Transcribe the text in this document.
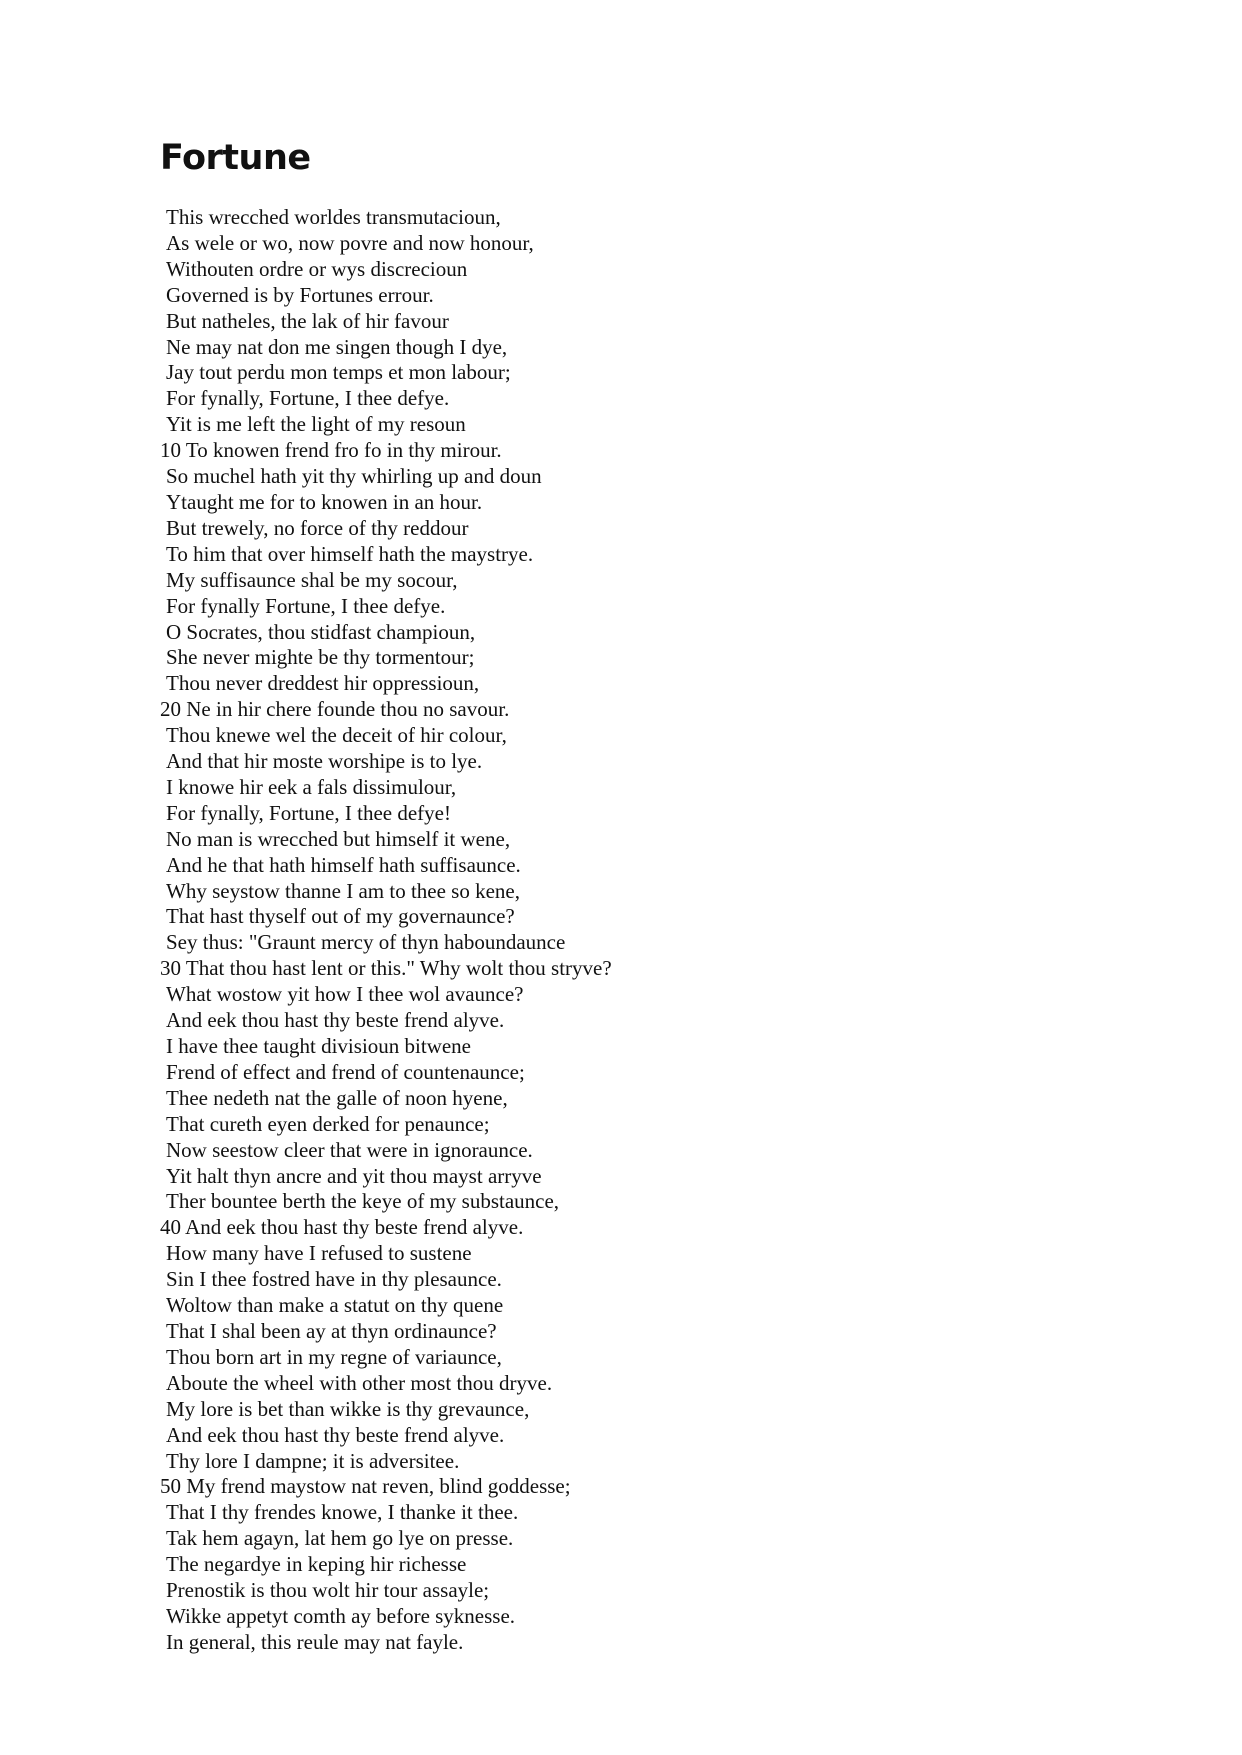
Fortune
This wrecched worldes transmutacioun,
As wele or wo, now povre and now honour,
Withouten ordre or wys discrecioun
Governed is by Fortunes errour.
But natheles, the lak of hir favour
Ne may nat don me singen though I dye,
Jay tout perdu mon temps et mon labour;
For fynally, Fortune, I thee defye.
Yit is me left the light of my resoun
10 To knowen frend fro fo in thy mirour.
So muchel hath yit thy whirling up and doun
Ytaught me for to knowen in an hour.
But trewely, no force of thy reddour
To him that over himself hath the maystrye.
My suffisaunce shal be my socour,
For fynally Fortune, I thee defye.
O Socrates, thou stidfast champioun,
She never mighte be thy tormentour;
Thou never dreddest hir oppressioun,
20 Ne in hir chere founde thou no savour.
Thou knewe wel the deceit of hir colour,
And that hir moste worshipe is to lye.
I knowe hir eek a fals dissimulour,
For fynally, Fortune, I thee defye!
No man is wrecched but himself it wene,
And he that hath himself hath suffisaunce.
Why seystow thanne I am to thee so kene,
That hast thyself out of my governaunce?
Sey thus: "Graunt mercy of thyn haboundaunce
30 That thou hast lent or this." Why wolt thou stryve?
What wostow yit how I thee wol avaunce?
And eek thou hast thy beste frend alyve.
I have thee taught divisioun bitwene
Frend of effect and frend of countenaunce;
Thee nedeth nat the galle of noon hyene,
That cureth eyen derked for penaunce;
Now seestow cleer that were in ignoraunce.
Yit halt thyn ancre and yit thou mayst arryve
Ther bountee berth the keye of my substaunce,
40 And eek thou hast thy beste frend alyve.
How many have I refused to sustene
Sin I thee fostred have in thy plesaunce.
Woltow than make a statut on thy quene
That I shal been ay at thyn ordinaunce?
Thou born art in my regne of variaunce,
Aboute the wheel with other most thou dryve.
My lore is bet than wikke is thy grevaunce,
And eek thou hast thy beste frend alyve.
Thy lore I dampne; it is adversitee.
50 My frend maystow nat reven, blind goddesse;
That I thy frendes knowe, I thanke it thee.
Tak hem agayn, lat hem go lye on presse.
The negardye in keping hir richesse
Prenostik is thou wolt hir tour assayle;
Wikke appetyt comth ay before syknesse.
In general, this reule may nat fayle.
